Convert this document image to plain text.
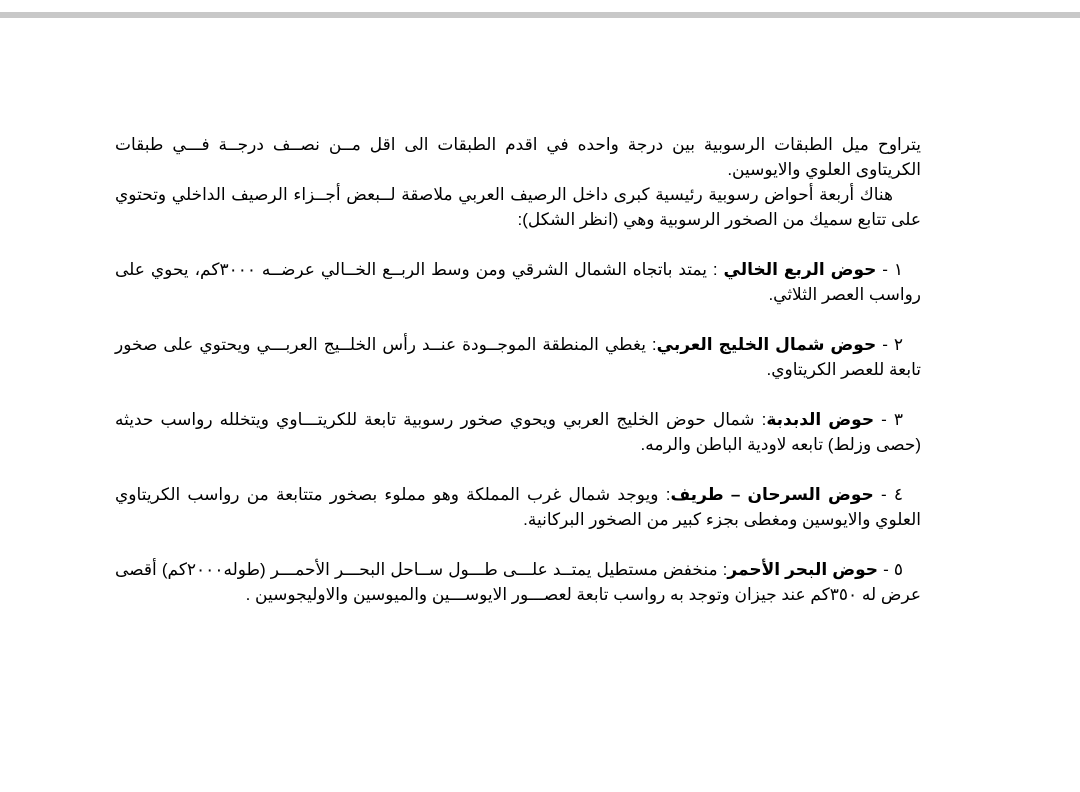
يتراوح ميل الطبقات الرسوبية بين درجة واحده في اقدم الطبقات الى اقل مــن نصــف درجــة فـــي طبقات الكريتاوى العلوي والايوسين.

هناك أربعة أحواض رسوبية رئيسية كبرى داخل الرصيف العربي ملاصقة لــبعض أجــزاء الرصيف الداخلي وتحتوي على تتابع سميك من الصخور الرسوبية وهي (انظر الشكل):

١ - حوض الربع الخالي : يمتد باتجاه الشمال الشرقي ومن وسط الربــع الخــالي عرضــه ٣٠٠٠كم، يحوي على رواسب العصر الثلاثي.

٢ - حوض شمال الخليج العربي: يغطي المنطقة الموجــودة عنــد رأس الخلــيج العربـــي ويحتوي على صخور تابعة للعصر الكريتاوي.

٣ - حوض الدبدبة: شمال حوض الخليج العربي ويحوي صخور رسوبية تابعة للكريتـــاوي ويتخلله رواسب حديثه (حصى وزلط) تابعه لاودية الباطن والرمه.

٤ - حوض السرحان – طريف: ويوجد شمال غرب المملكة وهو مملوء بصخور متتابعة من رواسب الكريتاوي العلوي والايوسين ومغطى بجزء كبير من الصخور البركانية.

٥ - حوض البحر الأحمر: منخفض مستطيل يمتــد علـــى طـــول ســاحل البحـــر الأحمـــر (طوله٢٠٠٠كم) أقصى عرض له ٣٥٠كم عند جيزان وتوجد به رواسب تابعة لعصـــور الايوســـين والميوسين والاوليجوسين .
